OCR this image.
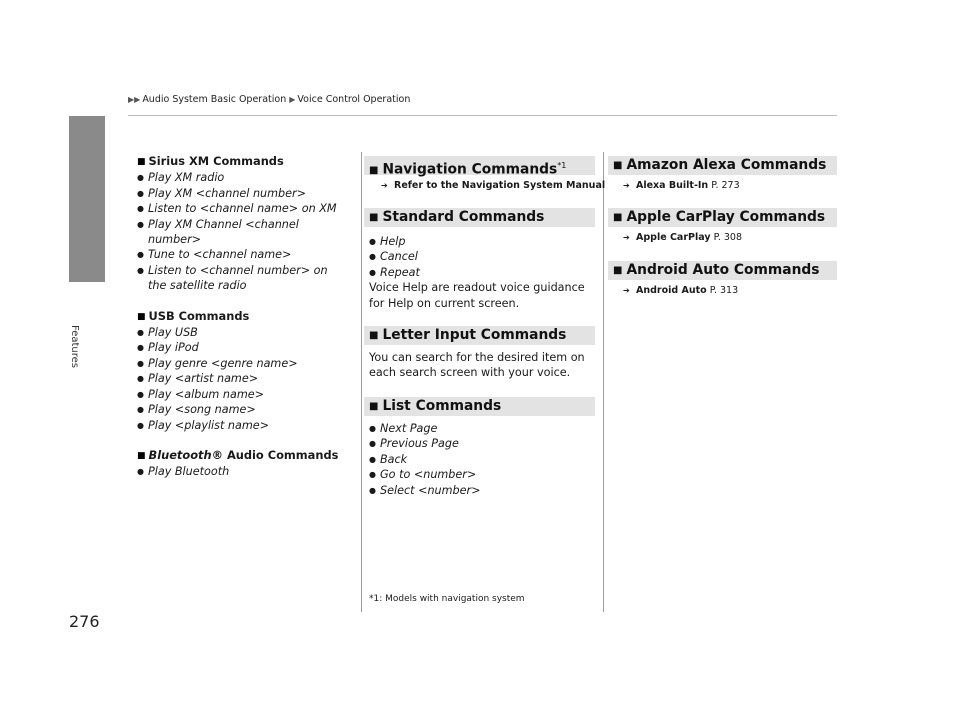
▶▶ Audio System Basic Operation ▶ Voice Control Operation
Features
276
■ Sirius XM Commands
● Play XM radio
● Play XM <channel number>
● Listen to <channel name> on XM
● Play XM Channel <channel number>
● Tune to <channel name>
● Listen to <channel number> on the satellite radio
■ USB Commands
● Play USB
● Play iPod
● Play genre <genre name>
● Play <artist name>
● Play <album name>
● Play <song name>
● Play <playlist name>
■ Bluetooth® Audio Commands
● Play Bluetooth
■ Navigation Commands$^{*1}$
➔ Refer to the Navigation System Manual
■ Standard Commands
● Help
● Cancel
● Repeat
Voice Help are readout voice guidance for Help on current screen.
■ Letter Input Commands
You can search for the desired item on each search screen with your voice.
■ List Commands
● Next Page
● Previous Page
● Back
● Go to <number>
● Select <number>
*1: Models with navigation system
■ Amazon Alexa Commands
➔ Alexa Built-In P. 273
■ Apple CarPlay Commands
➔ Apple CarPlay P. 308
■ Android Auto Commands
➔ Android Auto P. 313
